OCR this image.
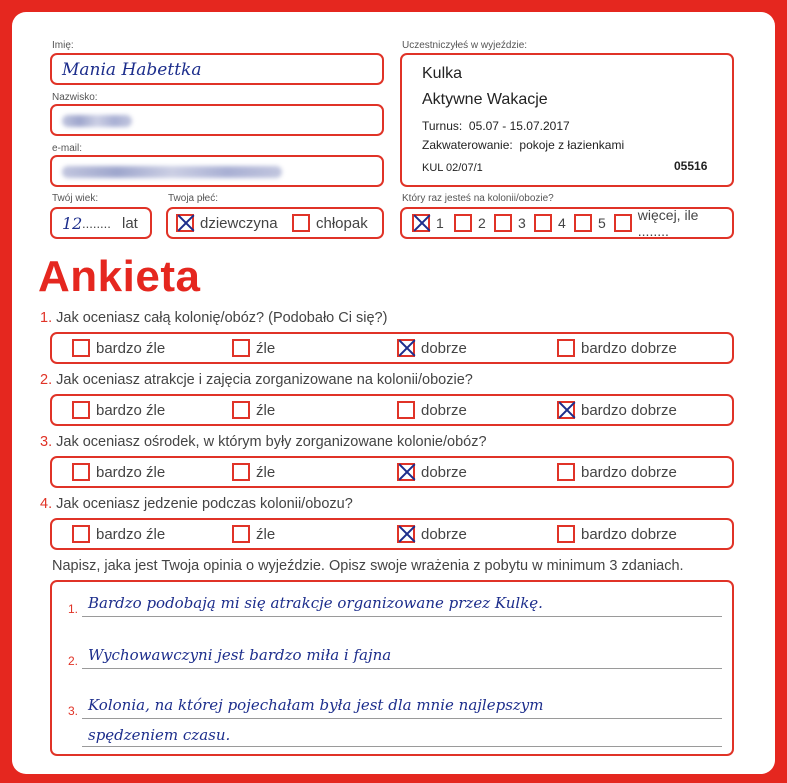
Imię:
Mania Habettka
Nazwisko:
e-mail:
Twój wiek:
12 ........ lat
Twoja płeć:
dziewczyna	chłopak
Uczestniczyłeś w wyjeździe:
Kulka
Aktywne Wakacje
Turnus: 05.07 - 15.07.2017
Zakwaterowanie: pokoje z łazienkami
KUL 02/07/1	05516
Który raz jesteś na kolonii/obozie?
1 2 3 4 5 więcej, ile ........
Ankieta
1. Jak oceniasz całą kolonię/obóz? (Podobało Ci się?)
bardzo źle	źle	dobrze	bardzo dobrze
2. Jak oceniasz atrakcje i zajęcia zorganizowane na kolonii/obozie?
bardzo źle	źle	dobrze	bardzo dobrze
3. Jak oceniasz ośrodek, w którym były zorganizowane kolonie/obóz?
bardzo źle	źle	dobrze	bardzo dobrze
4. Jak oceniasz jedzenie podczas kolonii/obozu?
bardzo źle	źle	dobrze	bardzo dobrze
Napisz, jaka jest Twoja opinia o wyjeździe. Opisz swoje wrażenia z pobytu w minimum 3 zdaniach.
1. Bardzo podobają mi się atrakcje organizowane przez Kulkę.
2. Wychowawczyni jest bardzo miła i fajna
3. Kolonia, na której pojechałam była jest dla mnie najlepszym
spędzeniem czasu.
